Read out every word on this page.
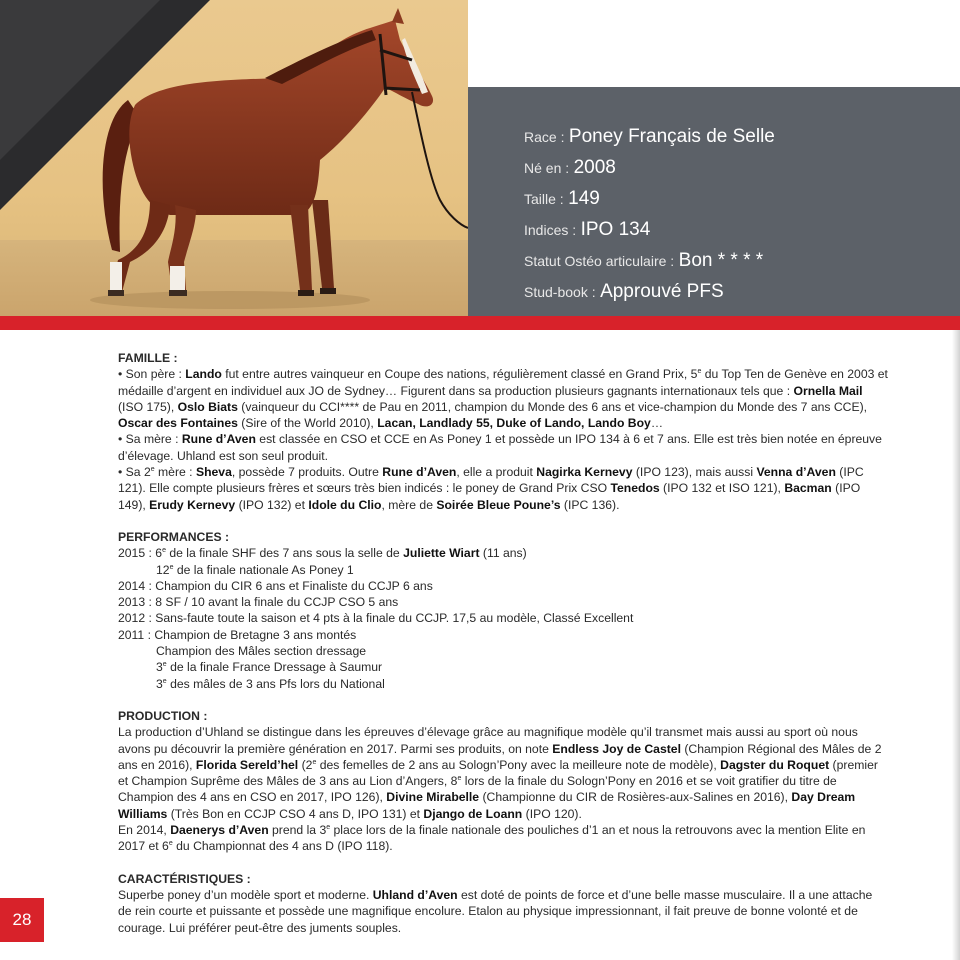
Race : Poney Français de Selle
Né en : 2008
Taille : 149
Indices : IPO 134
Statut Ostéo articulaire : Bon * * * *
Stud-book : Approuvé PFS
FAMILLE :

• Son père : Lando fut entre autres vainqueur en Coupe des nations, régulièrement classé en Grand Prix, 5e du Top Ten de Genève en 2003 et médaille d’argent en individuel aux JO de Sydney… Figurent dans sa production plusieurs gagnants internationaux tels que : Ornella Mail (ISO 175), Oslo Biats (vainqueur du CCI**** de Pau en 2011, champion du Monde des 6 ans et vice-champion du Monde des 7 ans CCE), Oscar des Fontaines (Sire of the World 2010), Lacan, Landlady 55, Duke of Lando, Lando Boy…

• Sa mère : Rune d’Aven est classée en CSO et CCE en As Poney 1 et possède un IPO 134 à 6 et 7 ans. Elle est très bien notée en épreuve d’élevage. Uhland est son seul produit.

• Sa 2e mère : Sheva, possède 7 produits. Outre Rune d’Aven, elle a produit Nagirka Kernevy (IPO 123), mais aussi Venna d’Aven (IPC 121). Elle compte plusieurs frères et sœurs très bien indicés : le poney de Grand Prix CSO Tenedos (IPO 132 et ISO 121), Bacman (IPO 149), Erudy Kernevy (IPO 132) et Idole du Clio, mère de Soirée Bleue Poune’s (IPC 136).

PERFORMANCES :

2015 : 6e de la finale SHF des 7 ans sous la selle de Juliette Wiart (11 ans)

12e de la finale nationale As Poney 1

2014 : Champion du CIR 6 ans et Finaliste du CCJP 6 ans

2013 : 8 SF / 10 avant la finale du CCJP CSO 5 ans

2012 : Sans-faute toute la saison et 4 pts à la finale du CCJP. 17,5 au modèle, Classé Excellent

2011 : Champion de Bretagne 3 ans montés

Champion des Mâles section dressage

3e de la finale France Dressage à Saumur

3e des mâles de 3 ans Pfs lors du National

PRODUCTION :

La production d’Uhland se distingue dans les épreuves d’élevage grâce au magnifique modèle qu’il transmet mais aussi au sport où nous avons pu découvrir la première génération en 2017. Parmi ses produits, on note Endless Joy de Castel (Champion Régional des Mâles de 2 ans en 2016), Florida Sereld’hel (2e des femelles de 2 ans au Sologn’Pony avec la meilleure note de modèle), Dagster du Roquet (premier et Champion Suprême des Mâles de 3 ans au Lion d’Angers, 8e lors de la finale du Sologn’Pony en 2016 et se voit gratifier du titre de Champion des 4 ans en CSO en 2017, IPO 126), Divine Mirabelle (Championne du CIR de Rosières-aux-Salines en 2016), Day Dream Williams (Très Bon en CCJP CSO 4 ans D, IPO 131) et Django de Loann (IPO 120).

En 2014, Daenerys d’Aven prend la 3e place lors de la finale nationale des pouliches d’1 an et nous la retrouvons avec la mention Elite en 2017 et 6e du Championnat des 4 ans D (IPO 118).

CARACTÉRISTIQUES :

Superbe poney d’un modèle sport et moderne. Uhland d’Aven est doté de points de force et d’une belle masse musculaire. Il a une attache de rein courte et puissante et possède une magnifique encolure. Etalon au physique impressionnant, il fait preuve de bonne volonté et de courage. Lui préférer peut-être des juments souples.

28
